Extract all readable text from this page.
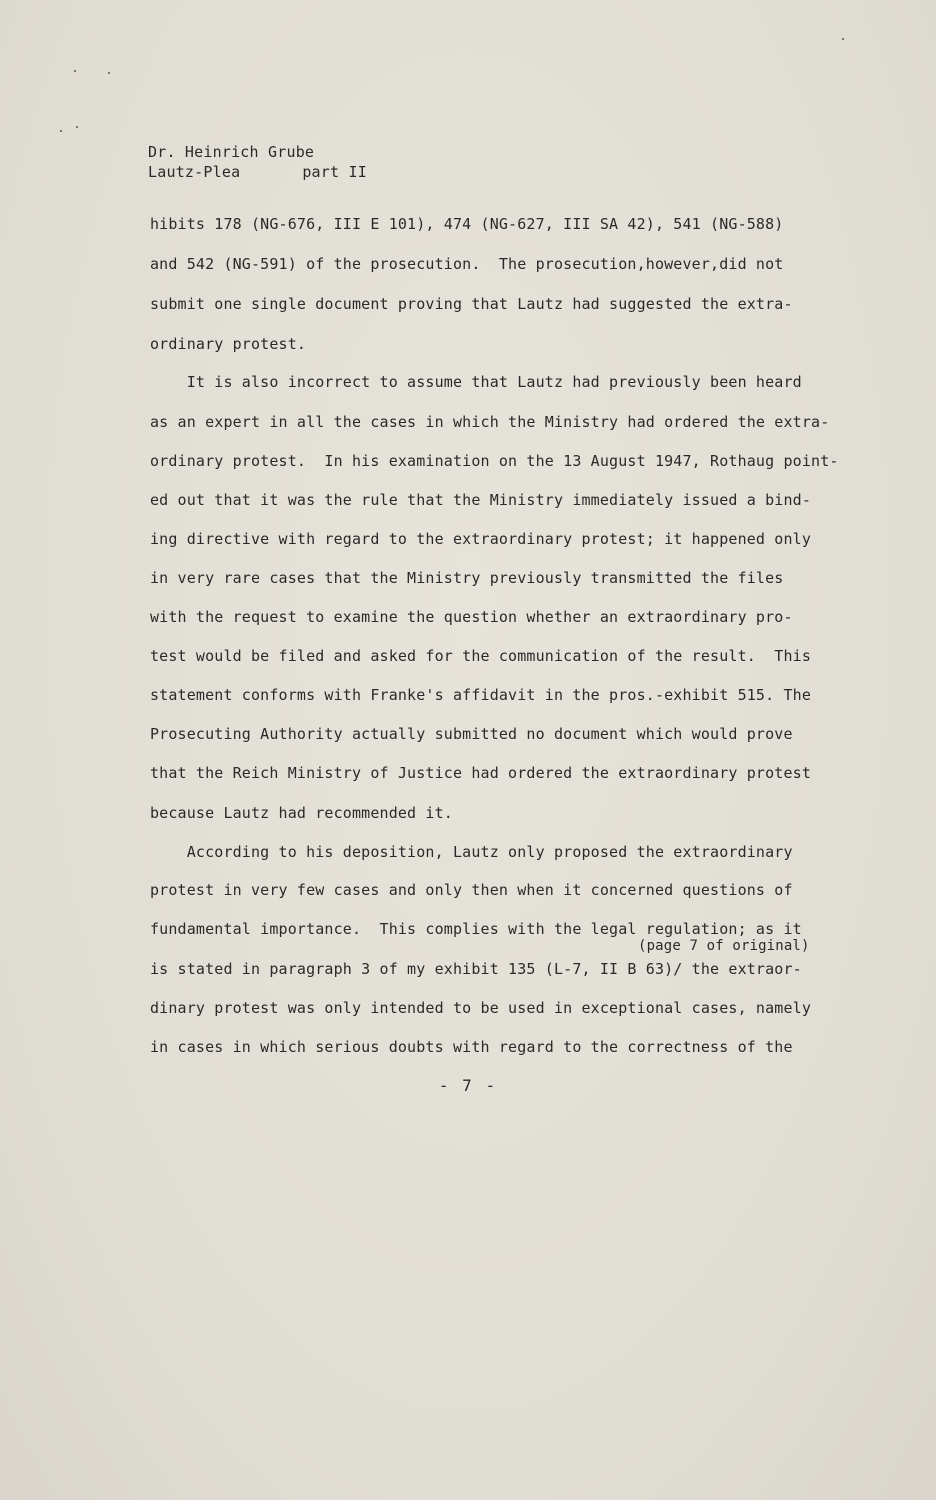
Dr. Heinrich Grube
Lautz-Plea	part II
hibits 178 (NG-676, III E 101), 474 (NG-627, III SA 42), 541 (NG-588)
and 542 (NG-591) of the prosecution.  The prosecution,however,did not
submit one single document proving that Lautz had suggested the extra-
ordinary protest.
It is also incorrect to assume that Lautz had previously been heard
as an expert in all the cases in which the Ministry had ordered the extra-
ordinary protest.  In his examination on the 13 August 1947, Rothaug point-
ed out that it was the rule that the Ministry immediately issued a bind-
ing directive with regard to the extraordinary protest; it happened only
in very rare cases that the Ministry previously transmitted the files
with the request to examine the question whether an extraordinary pro-
test would be filed and asked for the communication of the result.  This
statement conforms with Franke's affidavit in the pros.-exhibit 515. The
Prosecuting Authority actually submitted no document which would prove
that the Reich Ministry of Justice had ordered the extraordinary protest
because Lautz had recommended it.
According to his deposition, Lautz only proposed the extraordinary
protest in very few cases and only then when it concerned questions of
fundamental importance.  This complies with the legal regulation; as it
(page 7 of original)
is stated in paragraph 3 of my exhibit 135 (L-7, II B 63)/ the extraor-
dinary protest was only intended to be used in exceptional cases, namely
in cases in which serious doubts with regard to the correctness of the
- 7 -
